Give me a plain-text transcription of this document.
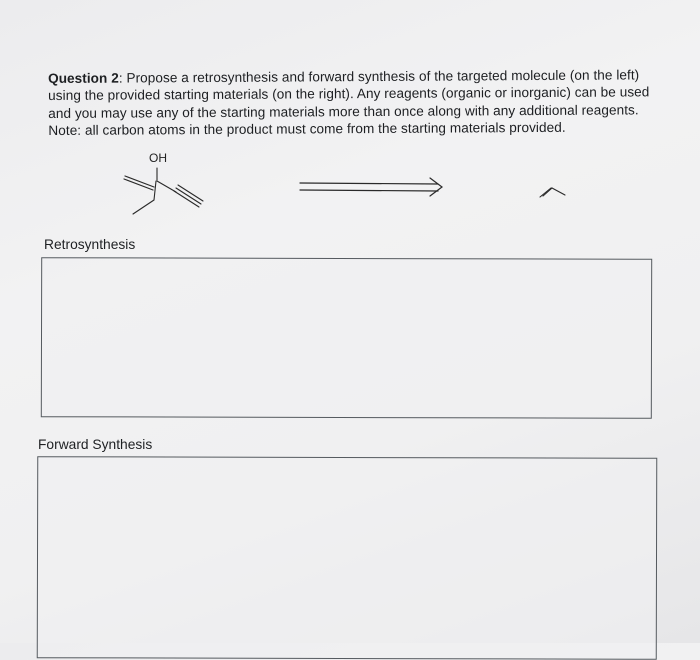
Question 2: Propose a retrosynthesis and forward synthesis of the targeted molecule (on the left) using the provided starting materials (on the right). Any reagents (organic or inorganic) can be used and you may use any of the starting materials more than once along with any additional reagents. Note: all carbon atoms in the product must come from the starting materials provided.

OH
Retrosynthesis
Forward Synthesis
